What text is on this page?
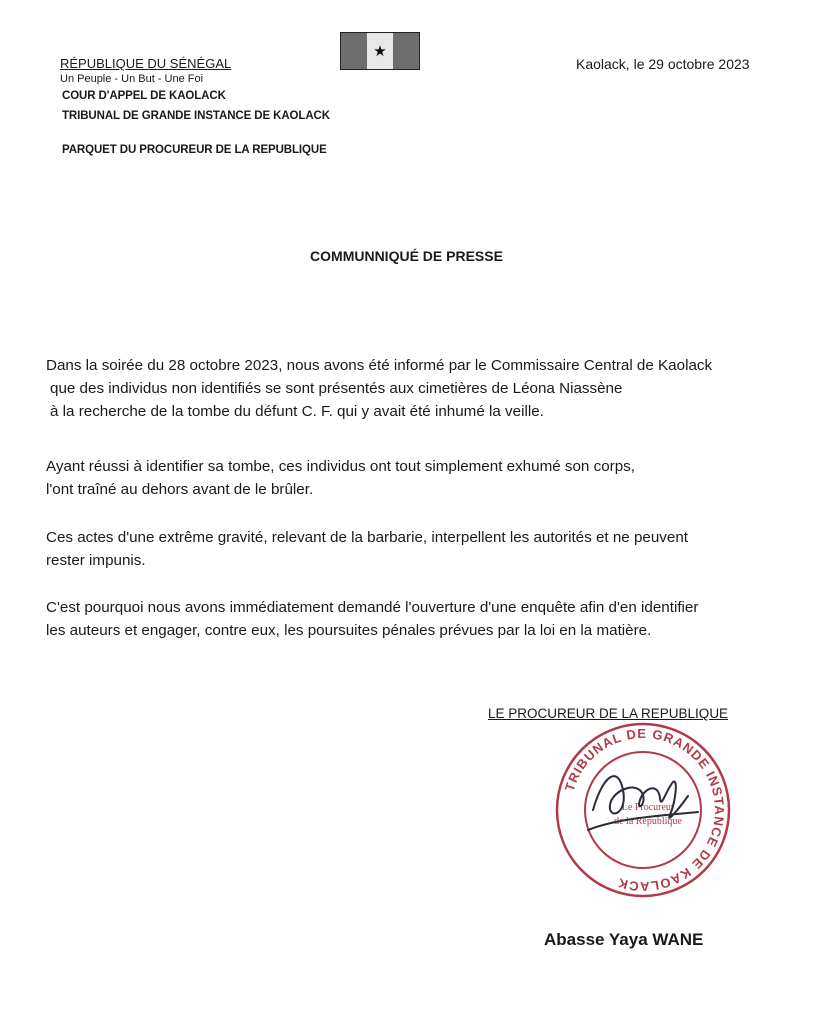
RÉPUBLIQUE DU SÉNÉGAL
Un Peuple - Un But - Une Foi
COUR D'APPEL DE KAOLACK
TRIBUNAL DE GRANDE INSTANCE DE KAOLACK
PARQUET DU PROCUREUR DE LA REPUBLIQUE
★
Kaolack, le 29 octobre 2023
COMMUNNIQUÉ DE PRESSE
Dans la soirée du 28 octobre 2023, nous avons été informé par le Commissaire Central de Kaolack
que des individus non identifiés se sont présentés aux cimetières de Léona Niassène
à la recherche de la tombe du défunt C. F. qui y avait été inhumé la veille.
Ayant réussi à identifier sa tombe, ces individus ont tout simplement exhumé son corps,
l'ont traîné au dehors avant de le brûler.
Ces actes d'une extrême gravité, relevant de la barbarie, interpellent les autorités et ne peuvent
rester impunis.
C'est pourquoi nous avons immédiatement demandé l'ouverture d'une enquête afin d'en identifier
les auteurs et engager, contre eux, les poursuites pénales prévues par la loi en la matière.
LE PROCUREUR DE LA REPUBLIQUE
TRIBUNAL DE GRANDE INSTANCE DE KAOLACK
Le Procureur
de la République
Abasse Yaya WANE
